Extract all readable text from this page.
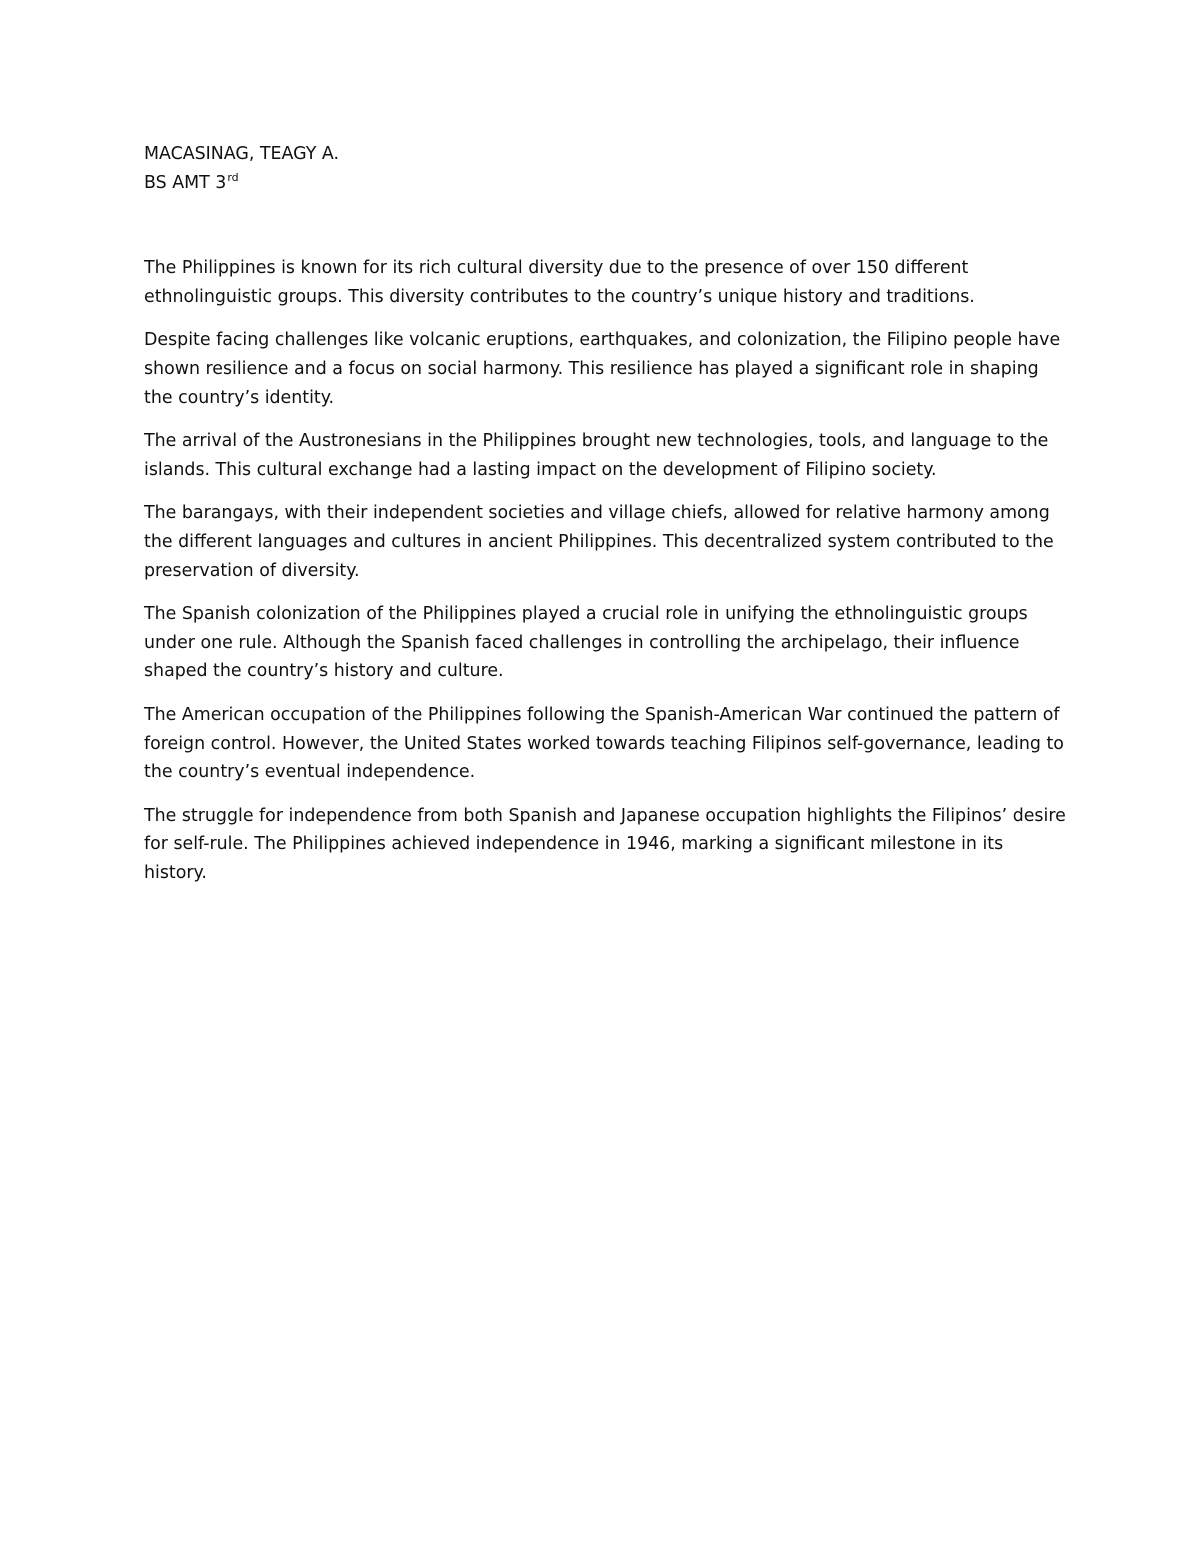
MACASINAG, TEAGY A.

BS AMT 3rd

The Philippines is known for its rich cultural diversity due to the presence of over 150 different ethnolinguistic groups. This diversity contributes to the country’s unique history and traditions.

Despite facing challenges like volcanic eruptions, earthquakes, and colonization, the Filipino people have shown resilience and a focus on social harmony. This resilience has played a significant role in shaping the country’s identity.

The arrival of the Austronesians in the Philippines brought new technologies, tools, and language to the islands. This cultural exchange had a lasting impact on the development of Filipino society.

The barangays, with their independent societies and village chiefs, allowed for relative harmony among the different languages and cultures in ancient Philippines. This decentralized system contributed to the preservation of diversity.

The Spanish colonization of the Philippines played a crucial role in unifying the ethnolinguistic groups under one rule. Although the Spanish faced challenges in controlling the archipelago, their influence shaped the country’s history and culture.

The American occupation of the Philippines following the Spanish-American War continued the pattern of foreign control. However, the United States worked towards teaching Filipinos self-governance, leading to the country’s eventual independence.

The struggle for independence from both Spanish and Japanese occupation highlights the Filipinos’ desire for self-rule. The Philippines achieved independence in 1946, marking a significant milestone in its history.
